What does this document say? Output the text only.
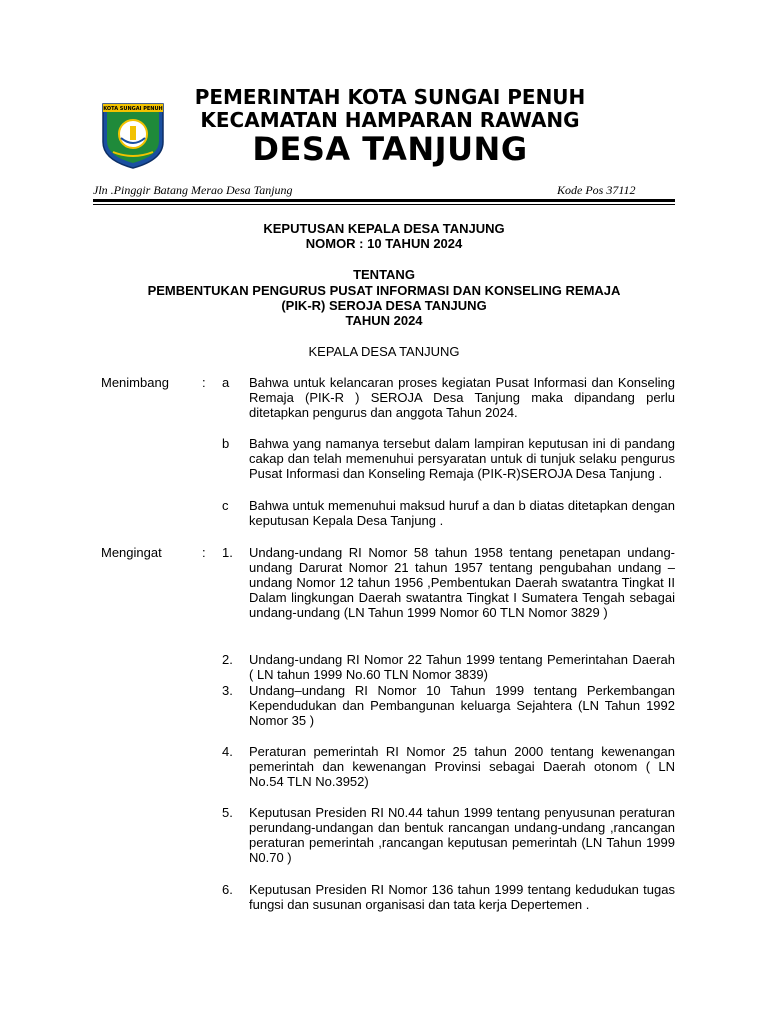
KOTA SUNGAI PENUH	PEMERINTAH KOTA SUNGAI PENUH
KECAMATAN HAMPARAN RAWANG
DESA TANJUNG
Jln .Pinggir Batang Merao Desa Tanjung	Kode Pos 37112
KEPUTUSAN KEPALA DESA TANJUNG
NOMOR : 10 TAHUN 2024
TENTANG
PEMBENTUKAN PENGURUS PUSAT INFORMASI DAN KONSELING REMAJA
(PIK-R) SEROJA DESA TANJUNG
TAHUN 2024
KEPALA DESA TANJUNG
Menimbang	: a Bahwa untuk kelancaran proses kegiatan Pusat Informasi dan Konseling Remaja (PIK-R ) SEROJA Desa Tanjung maka dipandang perlu ditetapkan pengurus dan anggota Tahun 2024.
b Bahwa yang namanya tersebut dalam lampiran keputusan ini di pandang cakap dan telah memenuhui persyaratan untuk di tunjuk selaku pengurus Pusat Informasi dan Konseling Remaja (PIK-R)SEROJA Desa Tanjung .
c Bahwa untuk memenuhui maksud huruf a dan b diatas ditetapkan dengan keputusan Kepala Desa Tanjung .
Mengingat	: 1. Undang-undang RI Nomor 58 tahun 1958 tentang penetapan undang-undang Darurat Nomor 21 tahun 1957 tentang pengubahan undang –undang Nomor 12 tahun 1956 ,Pembentukan Daerah swatantra Tingkat II Dalam lingkungan Daerah swatantra Tingkat I Sumatera Tengah sebagai undang-undang (LN Tahun 1999 Nomor 60 TLN Nomor 3829 )
2. Undang-undang RI Nomor 22 Tahun 1999 tentang Pemerintahan Daerah ( LN tahun 1999 No.60 TLN Nomor 3839)
3. Undang–undang RI Nomor 10 Tahun 1999 tentang Perkembangan Kependudukan dan Pembangunan keluarga Sejahtera (LN Tahun 1992 Nomor 35 )
4. Peraturan pemerintah RI Nomor 25 tahun 2000 tentang kewenangan pemerintah dan kewenangan Provinsi sebagai Daerah otonom ( LN No.54 TLN No.3952)
5. Keputusan Presiden RI N0.44 tahun 1999 tentang penyusunan peraturan perundang-undangan dan bentuk rancangan undang-undang ,rancangan peraturan pemerintah ,rancangan keputusan pemerintah (LN Tahun 1999 N0.70 )
6. Keputusan Presiden RI Nomor 136 tahun 1999 tentang kedudukan tugas fungsi dan susunan organisasi dan tata kerja Depertemen .
